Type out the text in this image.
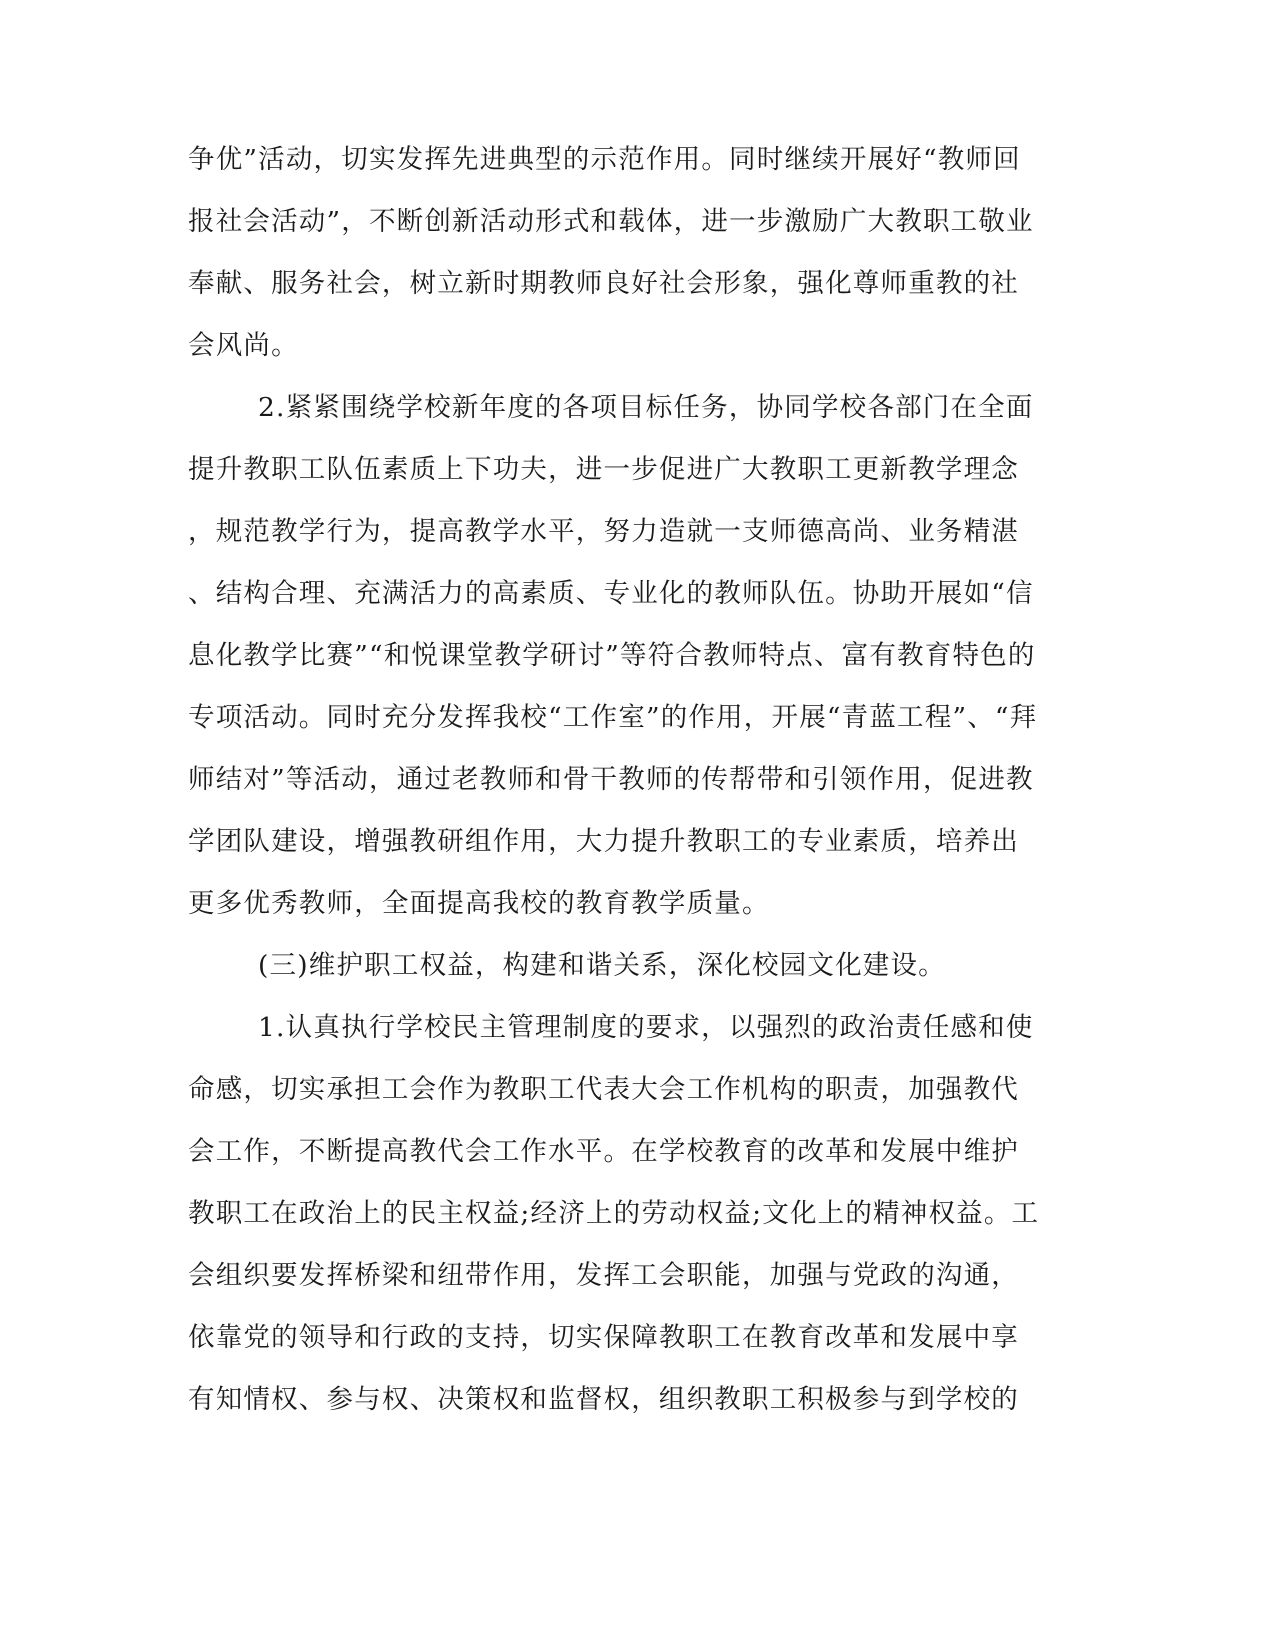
争优”活动，切实发挥先进典型的示范作用。同时继续开展好“教师回
报社会活动”，不断创新活动形式和载体，进一步激励广大教职工敬业
奉献、服务社会，树立新时期教师良好社会形象，强化尊师重教的社
会风尚。
2.紧紧围绕学校新年度的各项目标任务，协同学校各部门在全面
提升教职工队伍素质上下功夫，进一步促进广大教职工更新教学理念
，规范教学行为，提高教学水平，努力造就一支师德高尚、业务精湛
、结构合理、充满活力的高素质、专业化的教师队伍。协助开展如“信
息化教学比赛”“和悦课堂教学研讨”等符合教师特点、富有教育特色的
专项活动。同时充分发挥我校“工作室”的作用，开展“青蓝工程”、“拜
师结对”等活动，通过老教师和骨干教师的传帮带和引领作用，促进教
学团队建设，增强教研组作用，大力提升教职工的专业素质，培养出
更多优秀教师，全面提高我校的教育教学质量。
(三)维护职工权益，构建和谐关系，深化校园文化建设。
1.认真执行学校民主管理制度的要求，以强烈的政治责任感和使
命感，切实承担工会作为教职工代表大会工作机构的职责，加强教代
会工作，不断提高教代会工作水平。在学校教育的改革和发展中维护
教职工在政治上的民主权益;经济上的劳动权益;文化上的精神权益。工
会组织要发挥桥梁和纽带作用，发挥工会职能，加强与党政的沟通，
依靠党的领导和行政的支持，切实保障教职工在教育改革和发展中享
有知情权、参与权、决策权和监督权，组织教职工积极参与到学校的
